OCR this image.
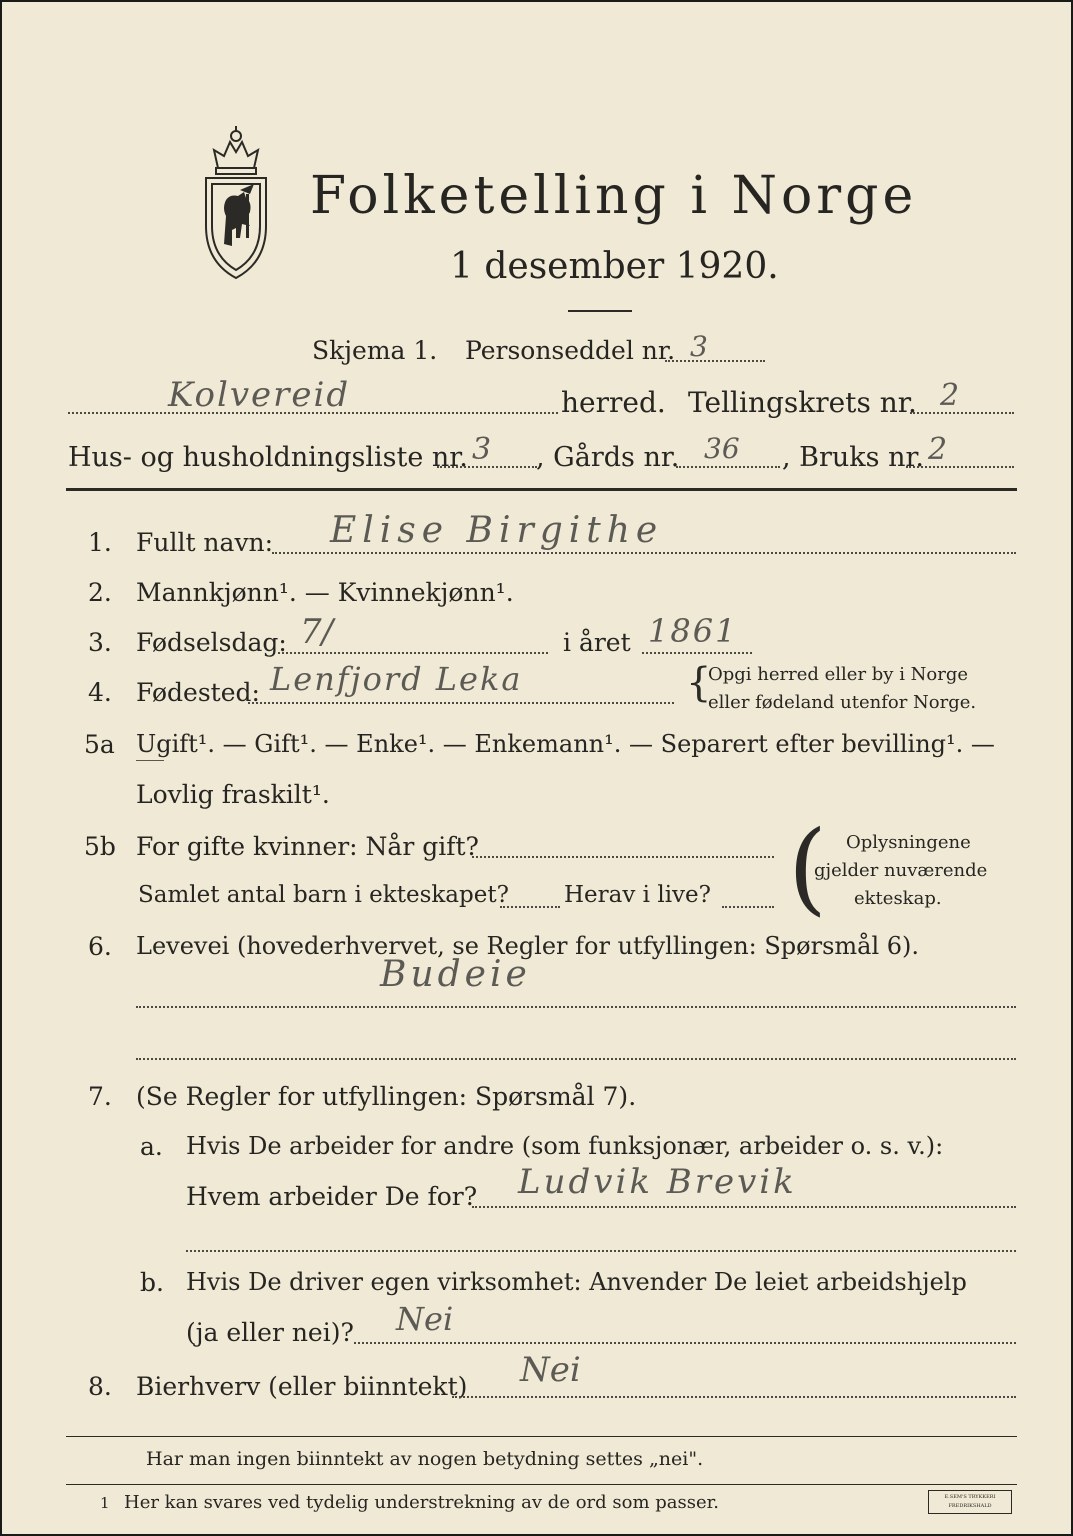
Folketelling i Norge
1 desember 1920.
Skjema 1. Personseddel nr. 3
Kolvereid	herred. Tellingskrets nr. 2
Hus- og husholdningsliste nr. 3 , Gårds nr. 36 , Bruks nr. 2
1. Fullt navn: Elise Birgithe
2. Mannkjønn¹. — Kvinnekjønn¹.
3. Fødselsdag: 7/	i året 1861
4. Fødested: Lenfjord Leka	{
Opgi herred eller by i Norge
eller fødeland utenfor Norge.
5a Ugift¹. — Gift¹. — Enke¹. — Enkemann¹. — Separert efter bevilling¹. —
Lovlig fraskilt¹.
5b For gifte kvinner: Når gift?
Samlet antal barn i ekteskapet? Herav i live? ( Oplysningene
gjelder nuværende
ekteskap.
6. Levevei (hovederhvervet, se Regler for utfyllingen: Spørsmål 6).
Budeie
7. (Se Regler for utfyllingen: Spørsmål 7).
a. Hvis De arbeider for andre (som funksjonær, arbeider o. s. v.):
Hvem arbeider De for? Ludvik Brevik
b. Hvis De driver egen virksomhet: Anvender De leiet arbeidshjelp
(ja eller nei)? Nei
8. Bierhverv (eller biinntekt) Nei
Har man ingen biinntekt av nogen betydning settes „nei".
1 Her kan svares ved tydelig understrekning av de ord som passer.	E.SEM'S TRYKKERI FREDRIKSHALD
